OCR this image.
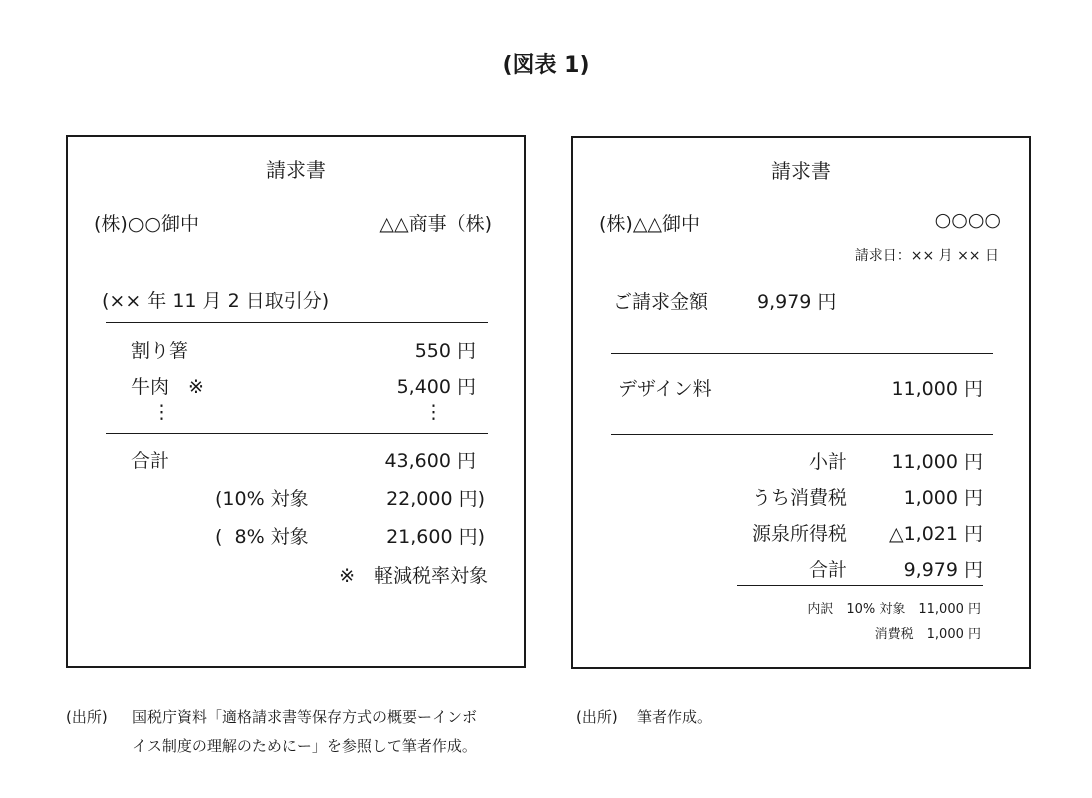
(図表 1)
請求書
(株)○○御中	△△商事（株)
(×× 年 11 月 2 日取引分)
割り箸	550 円
牛肉　※	5,400 円
⋮	⋮
合計	43,600 円
(10% 対象	22,000 円)
(  8% 対象	21,600 円)
※　軽減税率対象
請求書
(株)△△御中	○○○○
請求日：×× 月 ×× 日
ご請求金額	9,979 円
デザイン料	11,000 円
小計 11,000 円
うち消費税	1,000 円
源泉所得税 △1,021 円
合計	9,979 円
内訳　10% 対象　11,000 円
消費税　1,000 円
(出所) 国税庁資料「適格請求書等保存方式の概要ーインボ
イス制度の理解のためにー」を参照して筆者作成。
(出所) 筆者作成。
